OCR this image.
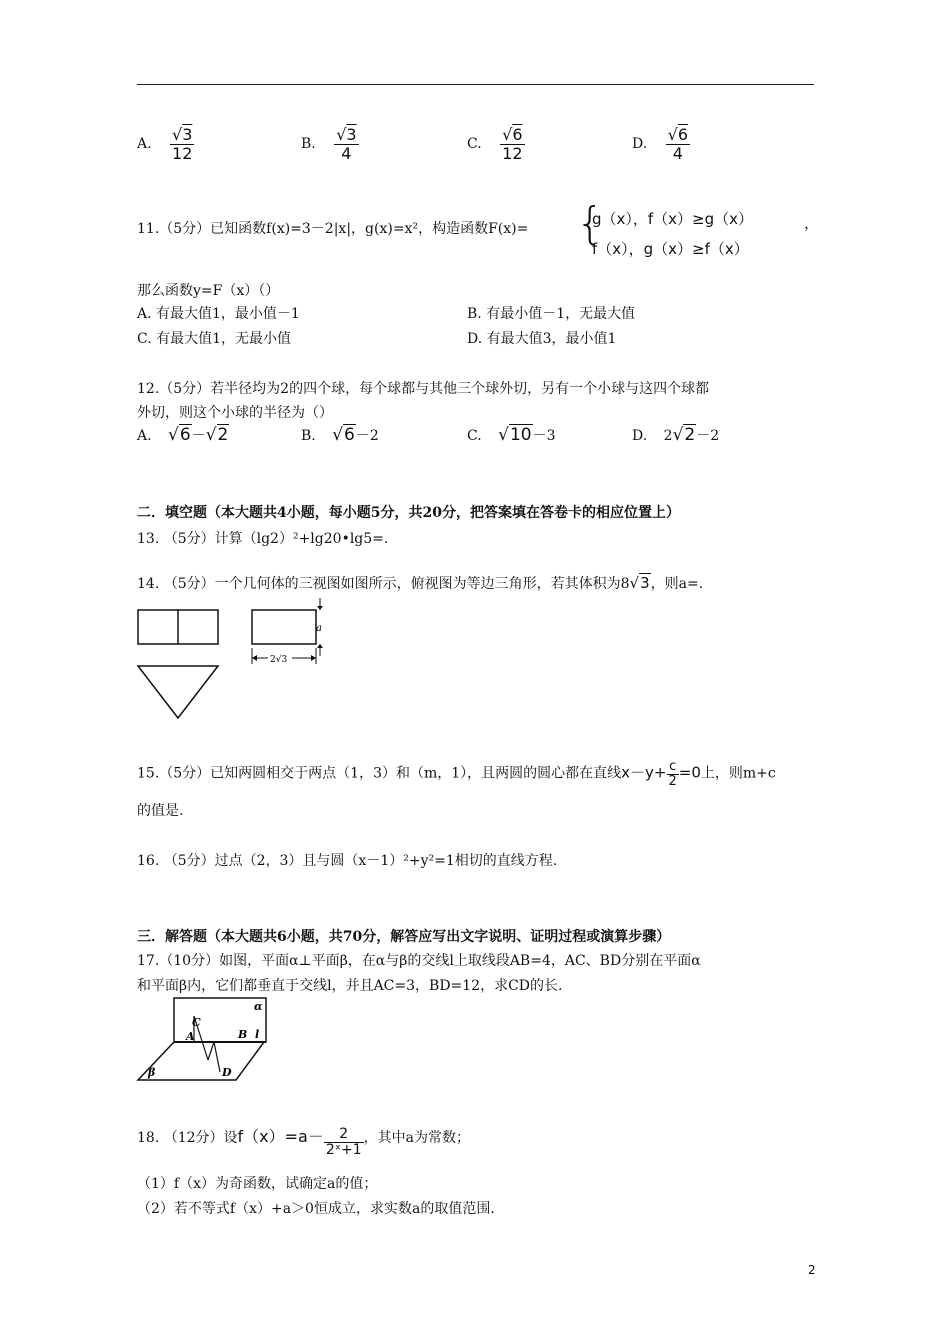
A. $\frac{√3}{12}$	B. $\frac{√3}{4}$	C. $\frac{√6}{12}$	D. $\frac{√6}{4}$
11.（5分）已知函数f(x)=3－2|x|，g(x)=x²，构造函数F(x)= {
g（x），f（x）≥g（x）
f（x），g（x）≥f（x）
，
那么函数y=F（x）（）
A. 有最大值1，最小值－1	B. 有最小值－1，无最大值
C. 有最大值1，无最小值	D. 有最大值3，最小值1
12.（5分）若半径均为2的四个球，每个球都与其他三个球外切，另有一个小球与这四个球都
外切，则这个小球的半径为（）
A. √6－√2	B. √6－2	C. √10－3	D. 2√2－2
二．填空题（本大题共4小题，每小题5分，共20分，把答案填在答卷卡的相应位置上）
13. （5分）计算（lg2）²+lg20•lg5=.
14. （5分）一个几何体的三视图如图所示，俯视图为等边三角形，若其体积为8√3，则a=.
a
2√3
15.（5分）已知两圆相交于两点（1，3）和（m，1），且两圆的圆心都在直线$x-y+ \frac{c}{2} =0$上，则m+c
的值是.
16. （5分）过点（2，3）且与圆（x－1）²+y²=1相切的直线方程.
三．解答题（本大题共6小题，共70分，解答应写出文字说明、证明过程或演算步骤）
17.（10分）如图，平面α⊥平面β，在α与β的交线l上取线段AB=4，AC、BD分别在平面α
和平面β内，它们都垂直于交线l，并且AC=3，BD=12，求CD的长.
α
β
C
A	B l
D
18. （12分）设$f(x)=a- \frac{2}{\text{2ˣ+1}}$ ，其中a为常数；
（1）f（x）为奇函数，试确定a的值；
（2）若不等式f（x）+a＞0恒成立，求实数a的取值范围.
2
